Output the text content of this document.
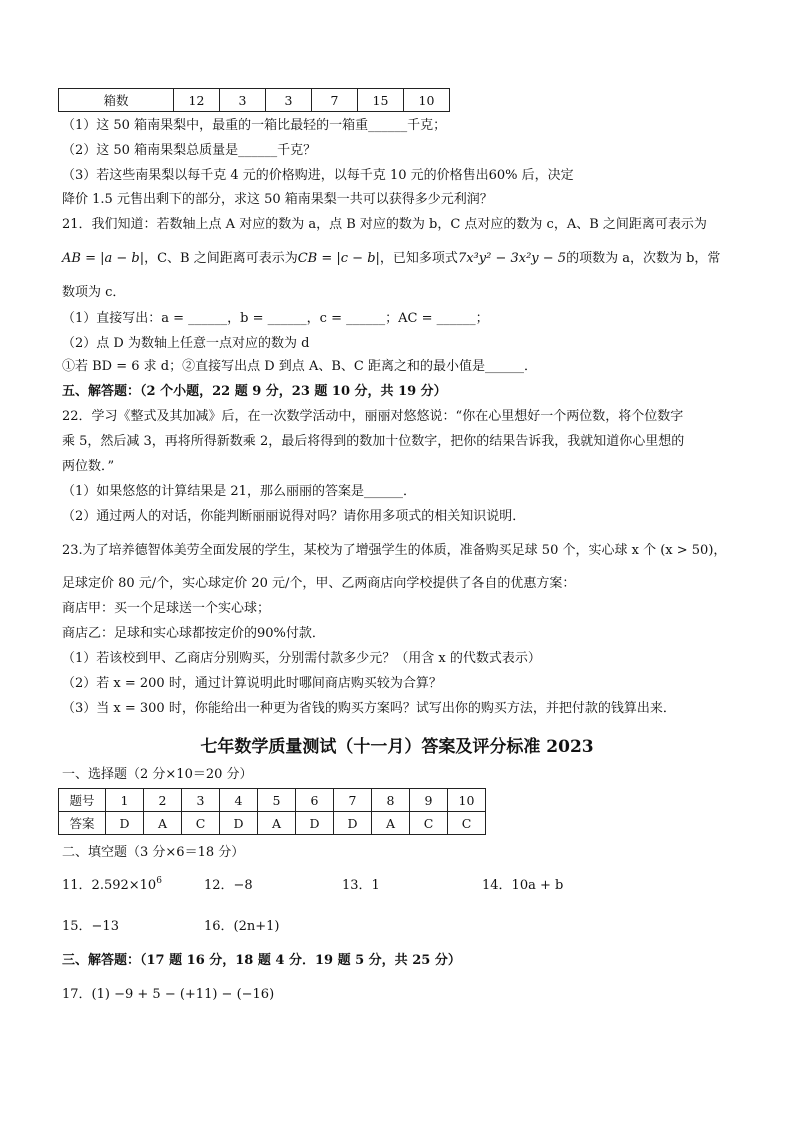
箱数	12	3	3	7	15	10
（1）这 50 箱南果梨中，最重的一箱比最轻的一箱重______千克；
（2）这 50 箱南果梨总质量是______千克？
（3）若这些南果梨以每千克 4 元的价格购进，以每千克 10 元的价格售出60% 后，决定
降价 1.5 元售出剩下的部分，求这 50 箱南果梨一共可以获得多少元利润？
21．我们知道：若数轴上点 A 对应的数为 a，点 B 对应的数为 b，C 点对应的数为 c，A、B 之间距离可表示为
AB = |a − b|，C、B 之间距离可表示为CB = |c − b|，已知多项式7x³y² − 3x²y − 5的项数为 a，次数为 b，常
数项为 c．
（1）直接写出：a = ______，b = ______，c = ______；AC = ______；
（2）点 D 为数轴上任意一点对应的数为 d
①若 BD = 6 求 d；②直接写出点 D 到点 A、B、C 距离之和的最小值是______．
五、解答题：（2 个小题，22 题 9 分，23 题 10 分，共 19 分）
22．学习《整式及其加减》后，在一次数学活动中，丽丽对悠悠说：“你在心里想好一个两位数，将个位数字
乘 5，然后减 3，再将所得新数乘 2，最后将得到的数加十位数字，把你的结果告诉我，我就知道你心里想的
两位数．”
（1）如果悠悠的计算结果是 21，那么丽丽的答案是______．
（2）通过两人的对话，你能判断丽丽说得对吗？请你用多项式的相关知识说明．
23.为了培养德智体美劳全面发展的学生，某校为了增强学生的体质，准备购买足球 50 个，实心球 x 个 (x > 50)，
足球定价 80 元/个，实心球定价 20 元/个，甲、乙两商店向学校提供了各自的优惠方案：
商店甲：买一个足球送一个实心球；
商店乙：足球和实心球都按定价的90%付款．
（1）若该校到甲、乙商店分别购买，分别需付款多少元？（用含 x 的代数式表示）
（2）若 x = 200 时，通过计算说明此时哪间商店购买较为合算？
（3）当 x = 300 时，你能给出一种更为省钱的购买方案吗？试写出你的购买方法，并把付款的钱算出来．
七年数学质量测试（十一月）答案及评分标准 2023
一、选择题（2 分×10＝20 分）
题号	1	2	3	4	5	6	7	8	9	10
答案	D	A	C	D	A	D	D	A	C	C
二、填空题（3 分×6＝18 分）
11．$2.592\times 10^6$	12．−8	13．1	14．10a + b
15．−13	16．(2n+1)
三、解答题：（17 题 16 分，18 题 4 分．19 题 5 分，共 25 分）
17．(1) −9 + 5 − (+11) − (−16)
